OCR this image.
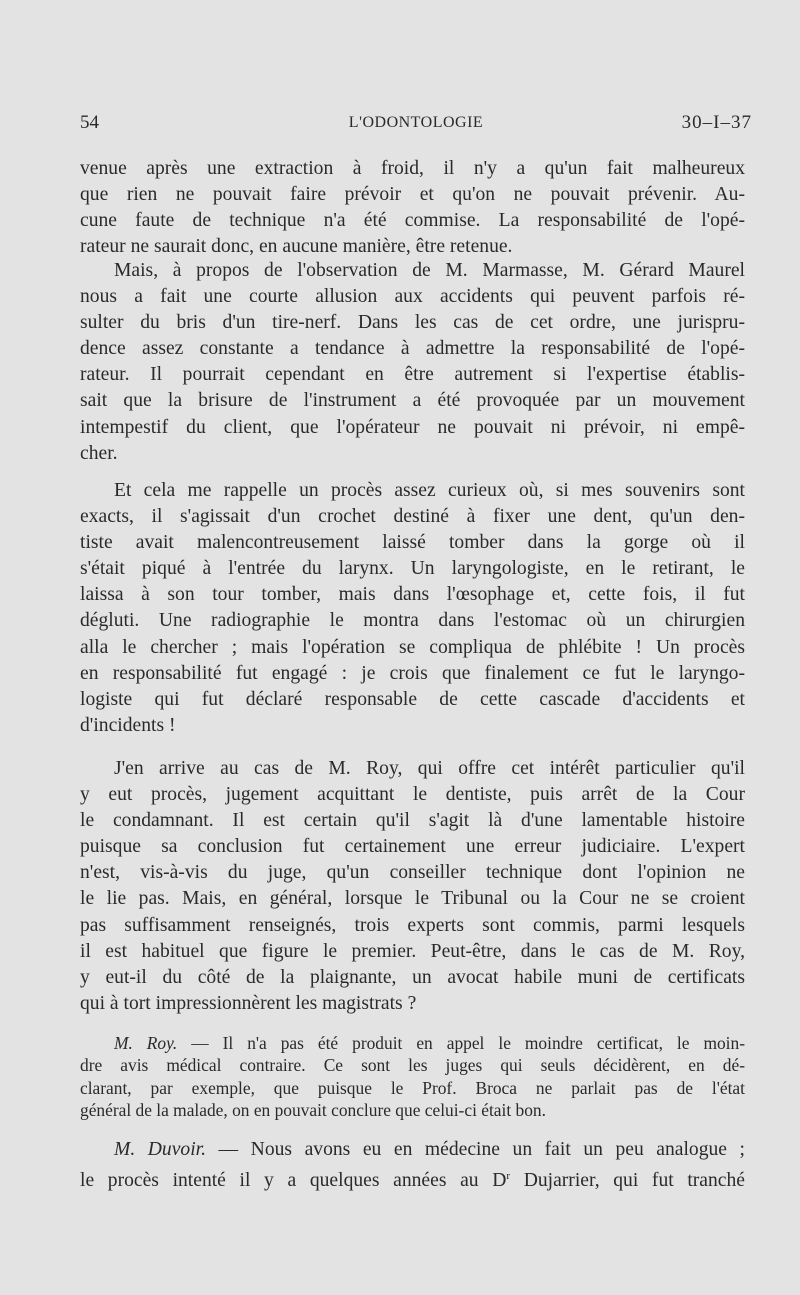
54	L'ODONTOLOGIE	30–I–37
venue après une extraction à froid, il n'y a qu'un fait malheureux
que rien ne pouvait faire prévoir et qu'on ne pouvait prévenir. Au-
cune faute de technique n'a été commise. La responsabilité de l'opé-
rateur ne saurait donc, en aucune manière, être retenue.
Mais, à propos de l'observation de M. Marmasse, M. Gérard Maurel
nous a fait une courte allusion aux accidents qui peuvent parfois ré-
sulter du bris d'un tire-nerf. Dans les cas de cet ordre, une jurispru-
dence assez constante a tendance à admettre la responsabilité de l'opé-
rateur. Il pourrait cependant en être autrement si l'expertise établis-
sait que la brisure de l'instrument a été provoquée par un mouvement
intempestif du client, que l'opérateur ne pouvait ni prévoir, ni empê-
cher.
Et cela me rappelle un procès assez curieux où, si mes souvenirs sont
exacts, il s'agissait d'un crochet destiné à fixer une dent, qu'un den-
tiste avait malencontreusement laissé tomber dans la gorge où il
s'était piqué à l'entrée du larynx. Un laryngologiste, en le retirant, le
laissa à son tour tomber, mais dans l'œsophage et, cette fois, il fut
dégluti. Une radiographie le montra dans l'estomac où un chirurgien
alla le chercher ; mais l'opération se compliqua de phlébite ! Un procès
en responsabilité fut engagé : je crois que finalement ce fut le laryngo-
logiste qui fut déclaré responsable de cette cascade d'accidents et
d'incidents !
J'en arrive au cas de M. Roy, qui offre cet intérêt particulier qu'il
y eut procès, jugement acquittant le dentiste, puis arrêt de la Cour
le condamnant. Il est certain qu'il s'agit là d'une lamentable histoire
puisque sa conclusion fut certainement une erreur judiciaire. L'expert
n'est, vis-à-vis du juge, qu'un conseiller technique dont l'opinion ne
le lie pas. Mais, en général, lorsque le Tribunal ou la Cour ne se croient
pas suffisamment renseignés, trois experts sont commis, parmi lesquels
il est habituel que figure le premier. Peut-être, dans le cas de M. Roy,
y eut-il du côté de la plaignante, un avocat habile muni de certificats
qui à tort impressionnèrent les magistrats ?
M. Roy. — Il n'a pas été produit en appel le moindre certificat, le moin-
dre avis médical contraire. Ce sont les juges qui seuls décidèrent, en dé-
clarant, par exemple, que puisque le Prof. Broca ne parlait pas de l'état
général de la malade, on en pouvait conclure que celui-ci était bon.
M. Duvoir. — Nous avons eu en médecine un fait un peu analogue ;
le procès intenté il y a quelques années au $D^r$ Dujarrier, qui fut tranché
